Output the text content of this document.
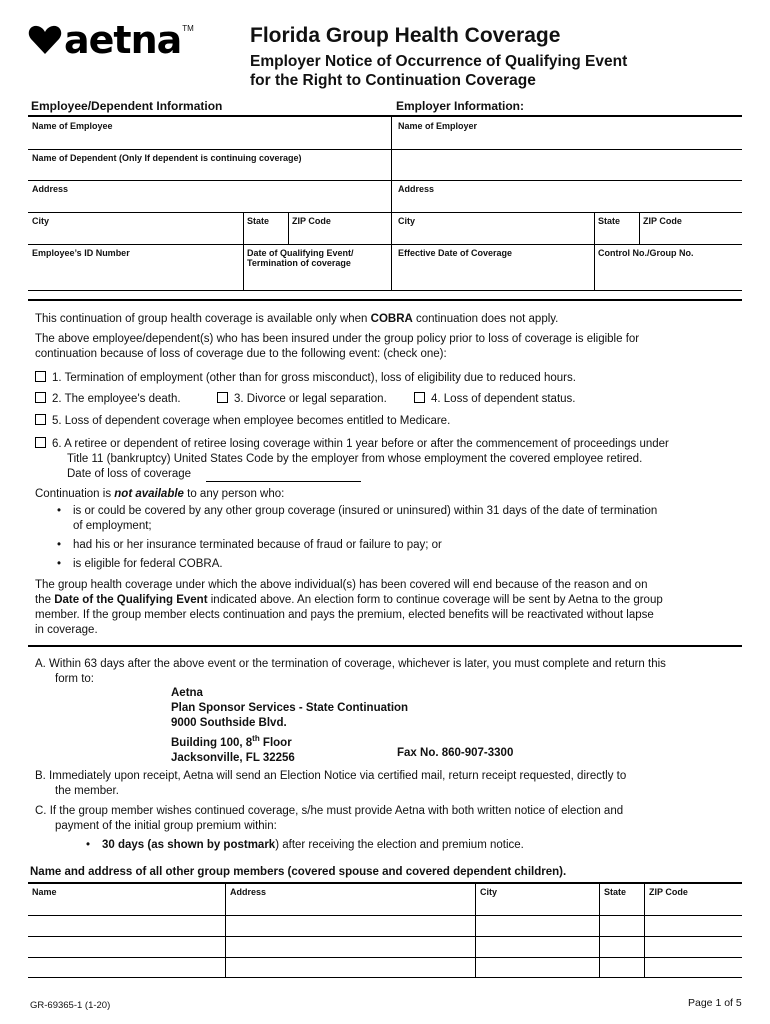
aetna TM	Florida Group Health Coverage
Employer Notice of Occurrence of Qualifying Event
for the Right to Continuation Coverage
Employee/Dependent Information	Employer Information:
Name of Employee
Name of Dependent (Only If dependent is continuing coverage)
Address
City	State	ZIP Code
Employee’s ID Number	Date of Qualifying Event/
Termination of coverage
Name of Employer
Address
City	State	ZIP Code
Effective Date of Coverage	Control No./Group No.
This continuation of group health coverage is available only when COBRA continuation does not apply.
The above employee/dependent(s) who has been insured under the group policy prior to loss of coverage is eligible for
continuation because of loss of coverage due to the following event: (check one):
1. Termination of employment (other than for gross misconduct), loss of eligibility due to reduced hours.
2. The employee's death.	3. Divorce or legal separation.	4. Loss of dependent status.
5. Loss of dependent coverage when employee becomes entitled to Medicare.
6. A retiree or dependent of retiree losing coverage within 1 year before or after the commencement of proceedings under
Title 11 (bankruptcy) United States Code by the employer from whose employment the covered employee retired.
Date of loss of coverage
Continuation is not available to any person who:
• is or could be covered by any other group coverage (insured or uninsured) within 31 days of the date of termination
of employment;
• had his or her insurance terminated because of fraud or failure to pay; or
• is eligible for federal COBRA.
The group health coverage under which the above individual(s) has been covered will end because of the reason and on
the Date of the Qualifying Event indicated above. An election form to continue coverage will be sent by Aetna to the group
member. If the group member elects continuation and pays the premium, elected benefits will be reactivated without lapse
in coverage.
A. Within 63 days after the above event or the termination of coverage, whichever is later, you must complete and return this
form to:
Aetna
Plan Sponsor Services - State Continuation
9000 Southside Blvd.
Building 100, 8th Floor
Jacksonville, FL 32256	Fax No. 860-907-3300
B. Immediately upon receipt, Aetna will send an Election Notice via certified mail, return receipt requested, directly to
the member.
C. If the group member wishes continued coverage, s/he must provide Aetna with both written notice of election and
payment of the initial group premium within:
• 30 days (as shown by postmark) after receiving the election and premium notice.
Name and address of all other group members (covered spouse and covered dependent children).
Name	Address	City	State	ZIP Code
GR-69365-1 (1-20)	Page 1 of 5
